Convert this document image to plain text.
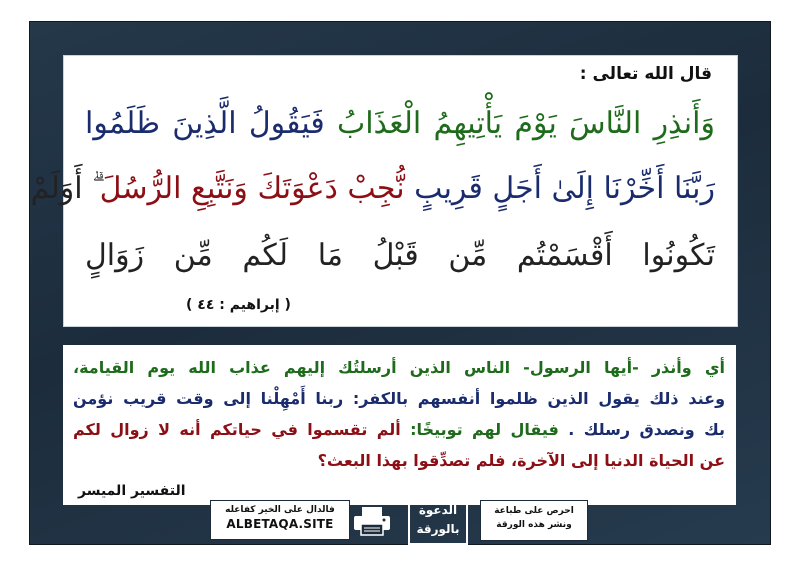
قال الله تعالى :
وَأَنذِرِ النَّاسَ يَوْمَ يَأْتِيهِمُ الْعَذَابُ فَيَقُولُ الَّذِينَ ظَلَمُوا
رَبَّنَا أَخِّرْنَا إِلَىٰ أَجَلٍ قَرِيبٍ نُّجِبْ دَعْوَتَكَ وَنَتَّبِعِ الرُّسُلَ ۗ أَوَلَمْ
تَكُونُوا أَقْسَمْتُم مِّن قَبْلُ مَا لَكُم مِّن زَوَالٍ
( إبراهيم : ٤٤ )
أي وأنذر -أيها الرسول- الناس الذين أرسلتُك إليهم عذاب الله يوم القيامة،
وعند ذلك يقول الذين ظلموا أنفسهم بالكفر: ربنا أَمْهِلْنا إلى وقت قريب نؤمن
بك ونصدق رسلك . فيقال لهم توبيخًا: ألم تقسموا في حياتكم أنه لا زوال لكم
عن الحياة الدنيا إلى الآخرة، فلم تصدِّقوا بهذا البعث؟
التفسير الميسر
احرص على طباعة
ونشر هذه الورقة
الدعوة
بالورقة
فالدال على الخير كفاعله
ALBETAQA.SITE
